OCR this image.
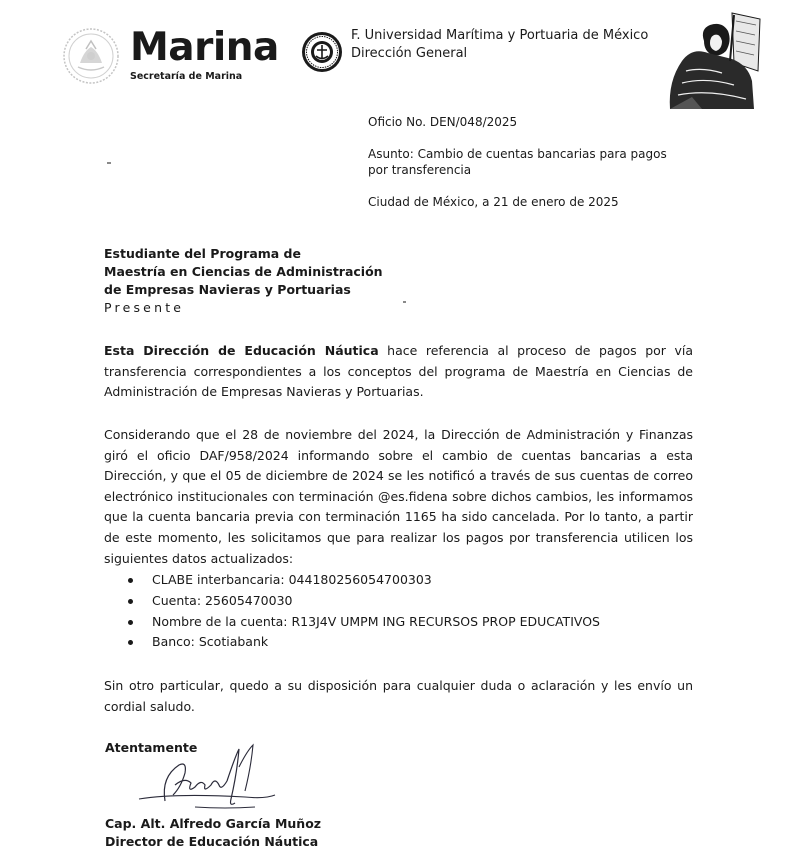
Marina
Secretaría de Marina
F. Universidad Marítima y Portuaria de México
Dirección General
Oficio No. DEN/048/2025
Asunto: Cambio de cuentas bancarias para pagos por transferencia
Ciudad de México, a 21 de enero de 2025
Estudiante del Programa de
Maestría en Ciencias de Administración
de Empresas Navieras y Portuarias
Presente
Esta Dirección de Educación Náutica hace referencia al proceso de pagos por vía transferencia correspondientes a los conceptos del programa de Maestría en Ciencias de Administración de Empresas Navieras y Portuarias.
Considerando que el 28 de noviembre del 2024, la Dirección de Administración y Finanzas giró el oficio DAF/958/2024 informando sobre el cambio de cuentas bancarias a esta Dirección, y que el 05 de diciembre de 2024 se les notificó a través de sus cuentas de correo electrónico institucionales con terminación @es.fidena sobre dichos cambios, les informamos que la cuenta bancaria previa con terminación 1165 ha sido cancelada. Por lo tanto, a partir de este momento, les solicitamos que para realizar los pagos por transferencia utilicen los siguientes datos actualizados:
CLABE interbancaria: 044180256054700303
Cuenta: 25605470030
Nombre de la cuenta: R13J4V UMPM ING RECURSOS PROP EDUCATIVOS
Banco: Scotiabank
Sin otro particular, quedo a su disposición para cualquier duda o aclaración y les envío un cordial saludo.
Atentamente
Cap. Alt. Alfredo García Muñoz
Director de Educación Náutica
